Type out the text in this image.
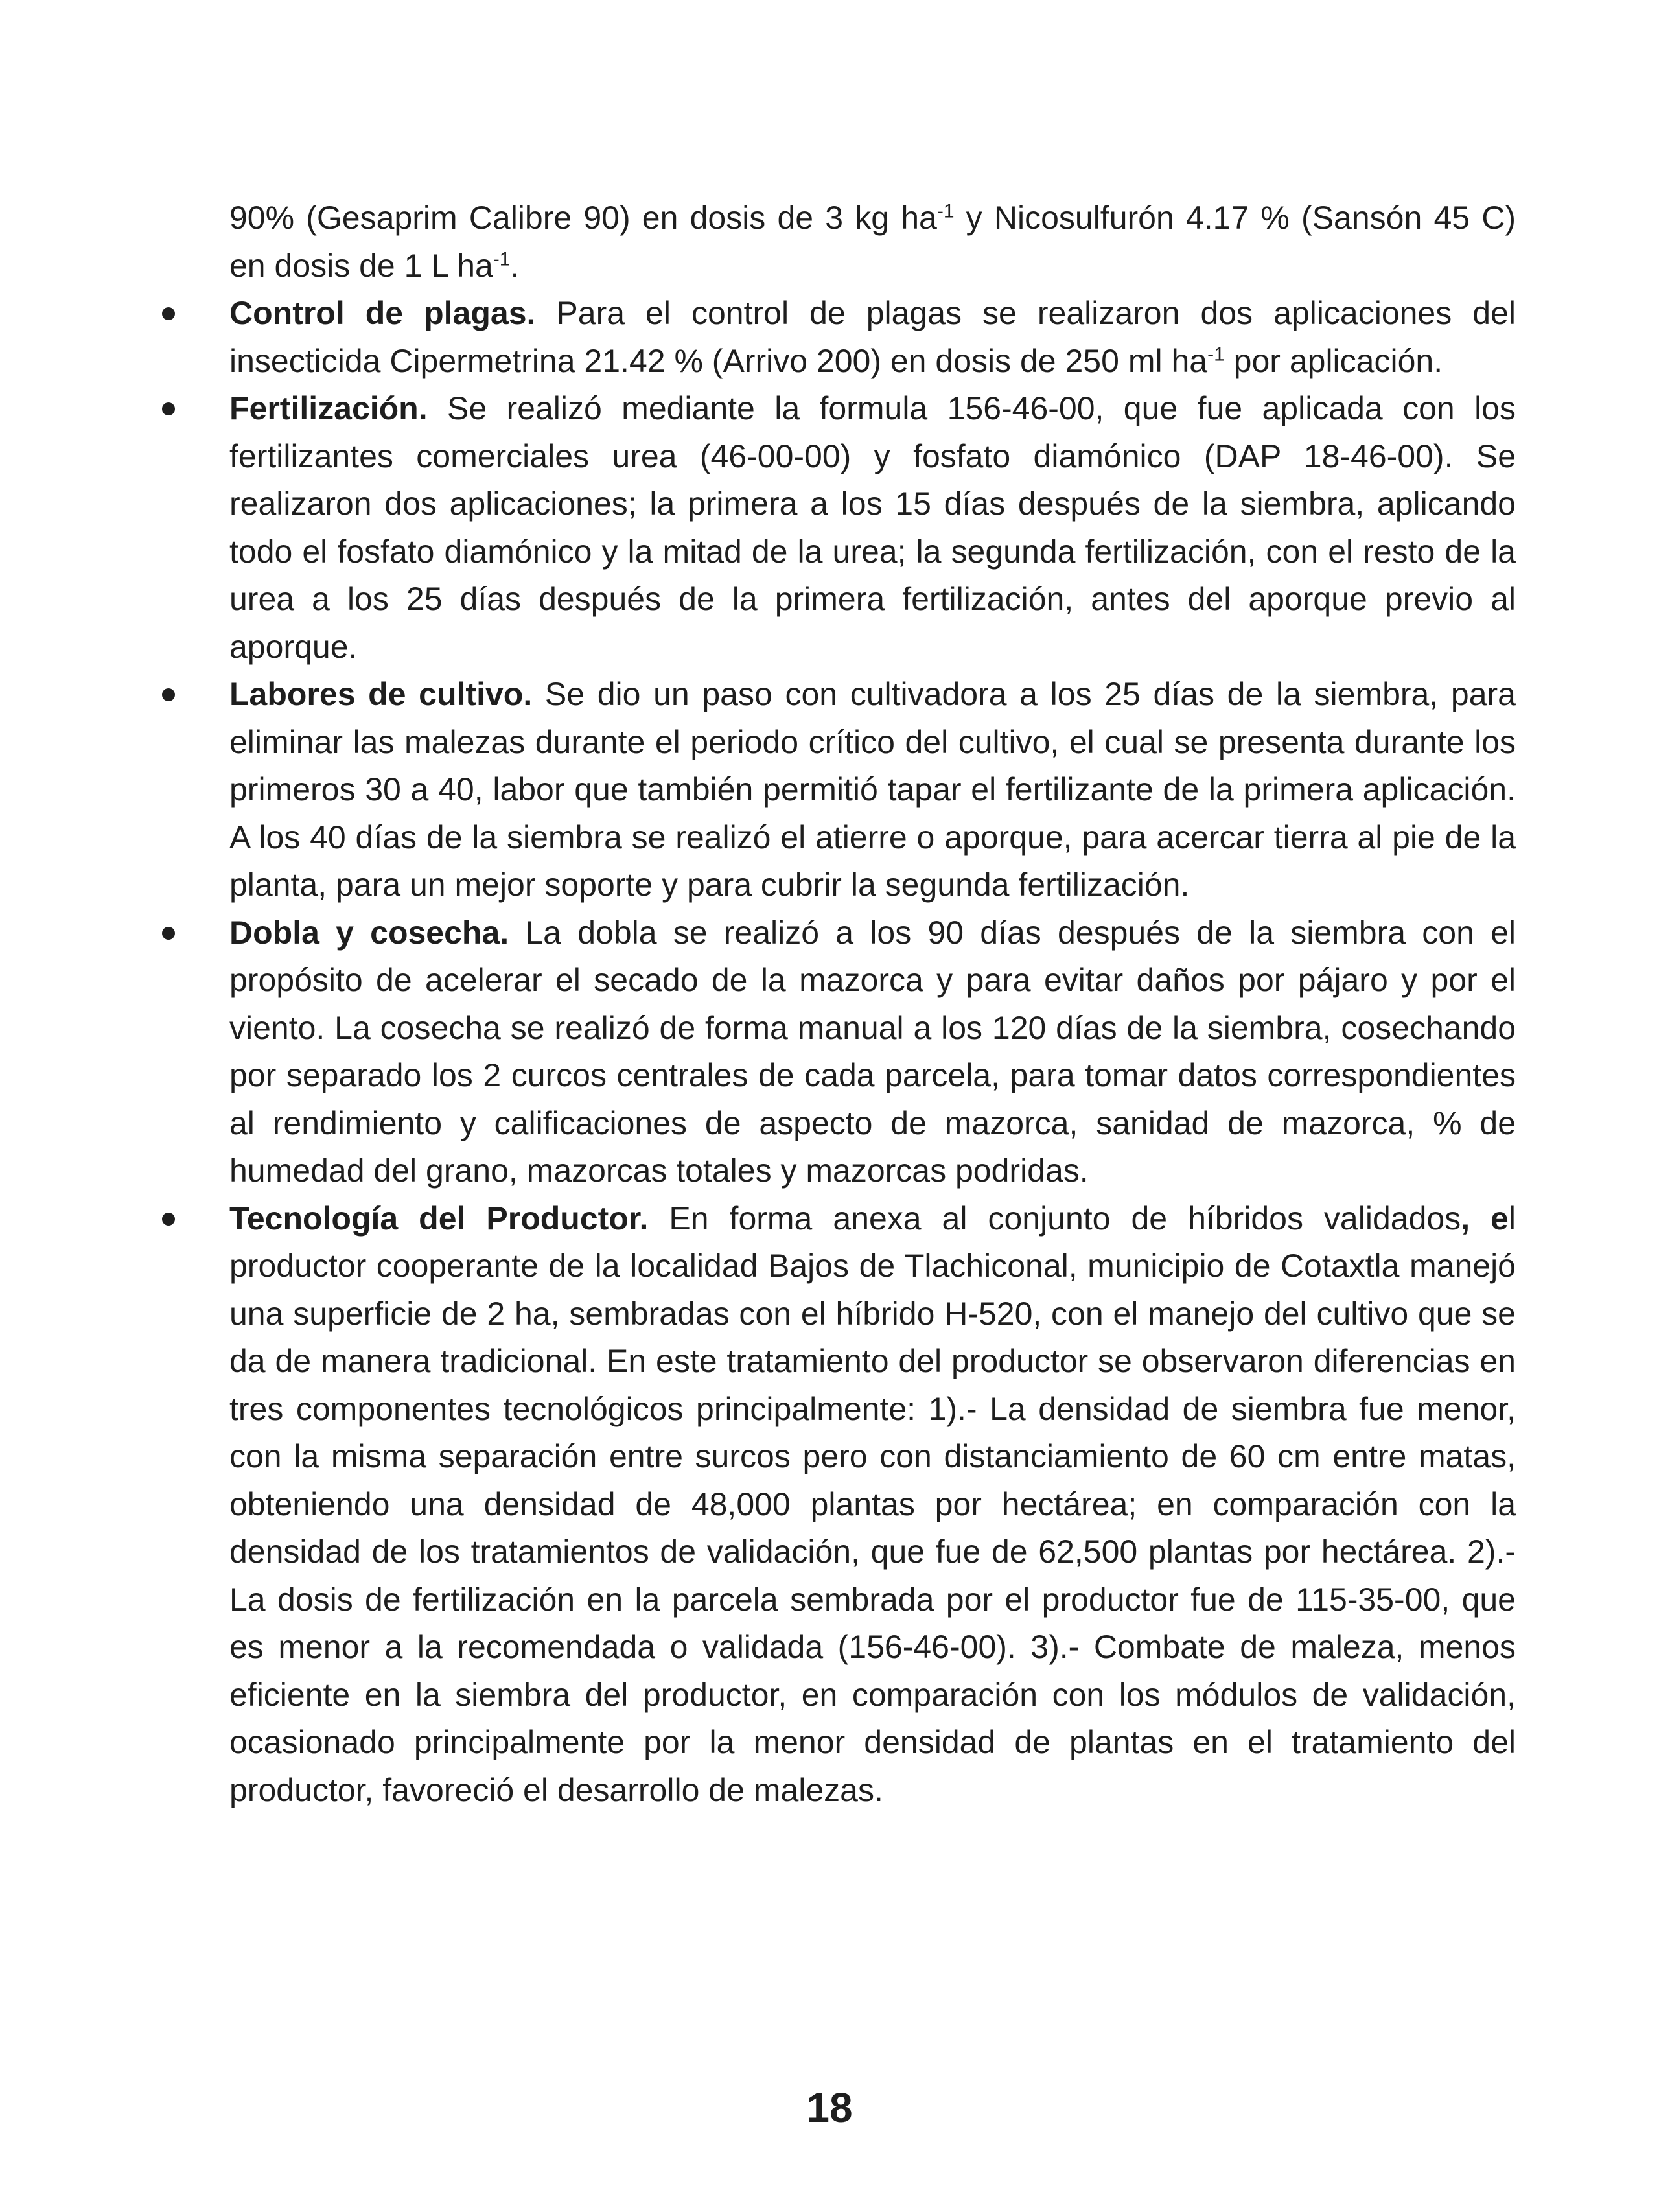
90% (Gesaprim Calibre 90) en dosis de 3 kg $ha^{-1}$ y Nicosulfurón 4.17 % (Sansón 45 C) en dosis de 1 L $ha^{-1}$.

Control de plagas. Para el control de plagas se realizaron dos aplicaciones del insecticida Cipermetrina 21.42 % (Arrivo 200) en dosis de 250 ml $ha^{-1}$ por aplicación.
Fertilización. Se realizó mediante la formula 156-46-00, que fue aplicada con los fertilizantes comerciales urea (46-00-00) y fosfato diamónico (DAP 18-46-00). Se realizaron dos aplicaciones; la primera a los 15 días después de la siembra, aplicando todo el fosfato diamónico y la mitad de la urea; la segunda fertilización, con el resto de la urea a los 25 días después de la primera fertilización, antes del aporque previo al aporque.
Labores de cultivo. Se dio un paso con cultivadora a los 25 días de la siembra, para eliminar las malezas durante el periodo crítico del cultivo, el cual se presenta durante los primeros 30 a 40, labor que también permitió tapar el fertilizante de la primera aplicación. A los 40 días de la siembra se realizó el atierre o aporque, para acercar tierra al pie de la planta, para un mejor soporte y para cubrir la segunda fertilización.
Dobla y cosecha. La dobla se realizó a los 90 días después de la siembra con el propósito de acelerar el secado de la mazorca y para evitar daños por pájaro y por el viento. La cosecha se realizó de forma manual a los 120 días de la siembra, cosechando por separado los 2 curcos centrales de cada parcela, para tomar datos correspondientes al rendimiento y calificaciones de aspecto de mazorca, sanidad de mazorca, % de humedad del grano, mazorcas totales y mazorcas podridas.
Tecnología del Productor. En forma anexa al conjunto de híbridos validados, el productor cooperante de la localidad Bajos de Tlachiconal, municipio de Cotaxtla manejó una superficie de 2 ha, sembradas con el híbrido H-520, con el manejo del cultivo que se da de manera tradicional. En este tratamiento del productor se observaron diferencias en tres componentes tecnológicos principalmente: 1).- La densidad de siembra fue menor, con la misma separación entre surcos pero con distanciamiento de 60 cm entre matas, obteniendo una densidad de 48,000 plantas por hectárea; en comparación con la densidad de los tratamientos de validación, que fue de 62,500 plantas por hectárea. 2).- La dosis de fertilización en la parcela sembrada por el productor fue de 115-35-00, que es menor a la recomendada o validada (156-46-00). 3).- Combate de maleza, menos eficiente en la siembra del productor, en comparación con los módulos de validación, ocasionado principalmente por la menor densidad de plantas en el tratamiento del productor, favoreció el desarrollo de malezas.
18
